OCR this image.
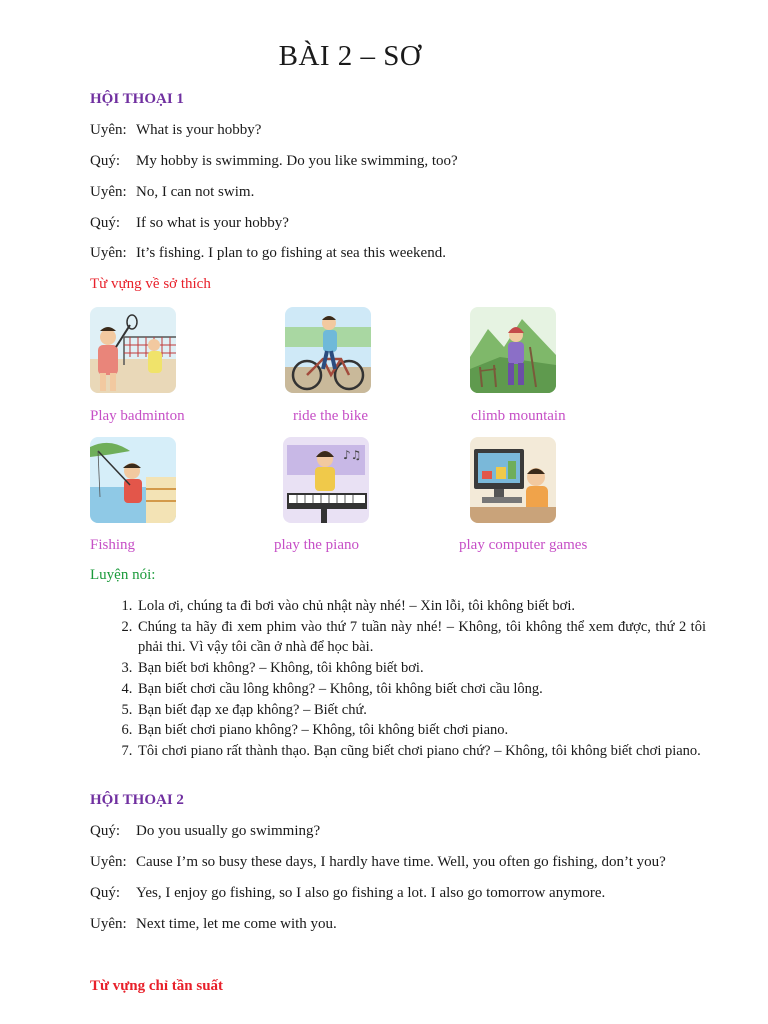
BÀI 2 – SƠ
HỘI THOẠI 1
Uyên: What is your hobby?
Quý: My hobby is swimming. Do you like swimming, too?
Uyên: No, I can not swim.
Quý: If so what is your hobby?
Uyên: It’s fishing. I plan to go fishing at sea this weekend.
Từ vựng về sở thích
Play badminton	ride the bike	climb mountain
♪♫
Fishing	play the piano	play computer games
Luyện nói:
1. Lola ơi, chúng ta đi bơi vào chủ nhật này nhé! – Xin lỗi, tôi không biết bơi.
2. Chúng ta hãy đi xem phim vào thứ 7 tuần này nhé! – Không, tôi không thể xem được, thứ 2 tôi phải thi. Vì vậy tôi cần ở nhà để học bài.
3. Bạn biết bơi không? – Không, tôi không biết bơi.
4. Bạn biết chơi cầu lông không? – Không, tôi không biết chơi cầu lông.
5. Bạn biết đạp xe đạp không? – Biết chứ.
6. Bạn biết chơi piano không? – Không, tôi không biết chơi piano.
7. Tôi chơi piano rất thành thạo. Bạn cũng biết chơi piano chứ? – Không, tôi không biết chơi piano.
HỘI THOẠI 2
Quý: Do you usually go swimming?
Uyên: Cause I’m so busy these days, I hardly have time. Well, you often go fishing, don’t you?
Quý: Yes, I enjoy go fishing, so I also go fishing a lot. I also go tomorrow anymore.
Uyên: Next time, let me come with you.
Từ vựng chỉ tần suất
